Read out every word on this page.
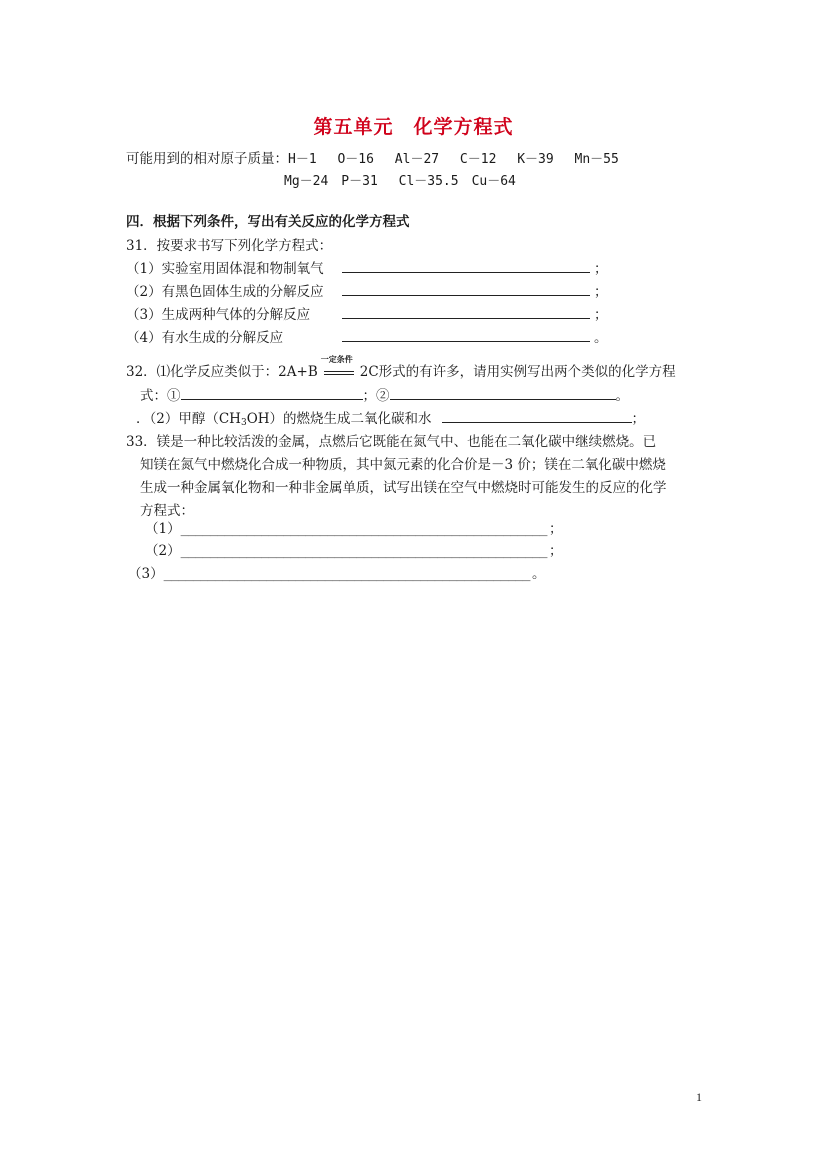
第五单元　化学方程式
可能用到的相对原子质量：H－1　 O－16　 Al－27　 C－12　 K－39　 Mn－55
Mg－24　P－31　 Cl－35.5　Cu－64
四．根据下列条件，写出有关反应的化学方程式
31．按要求书写下列化学方程式：
（1）实验室用固体混和物制氧气	；
（2）有黑色固体生成的分解反应	；
（3）生成两种气体的分解反应	；
（4）有水生成的分解反应	。
32．⑴化学反应类似于：2A+B
一定条件
2C形式的有许多，请用实例写出两个类似的化学方程
式：①	；②	。
．（2）甲醇$(CH_3OH)$的燃烧生成二氧化碳和水	；
33．镁是一种比较活泼的金属，点燃后它既能在氮气中、也能在二氧化碳中继续燃烧。已
知镁在氮气中燃烧化合成一种物质，其中氮元素的化合价是－3 价；镁在二氧化碳中燃烧
生成一种金属氧化物和一种非金属单质，试写出镁在空气中燃烧时可能发生的反应的化学
方程式：
（1）__________________________________________________ ；
（2）__________________________________________________ ；
（3）__________________________________________________ 。
1
